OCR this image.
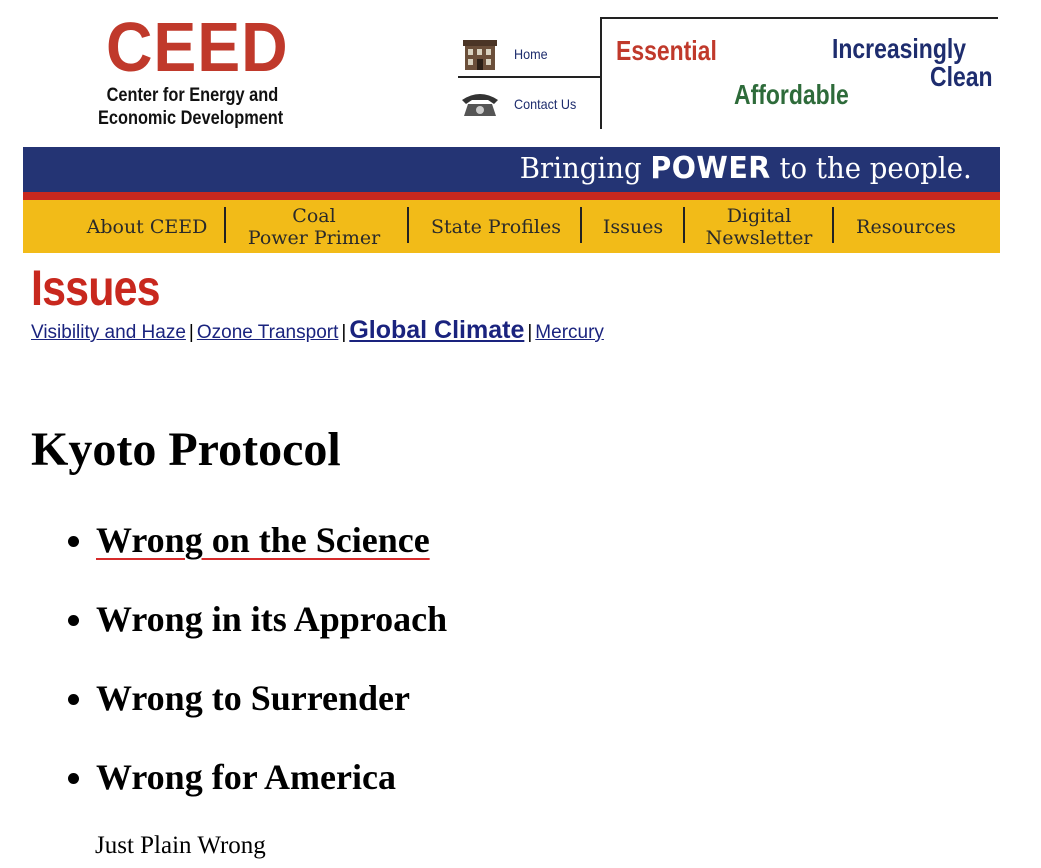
CEED
Center for Energy and
Economic Development
Home
Contact Us
Essential	Increasingly
Clean
Affordable
Bringing POWER to the people.
About CEED	Coal
Power Primer	State Profiles Issues	Digital
Newsletter Resources
Issues
Visibility and Haze | Ozone Transport | Global Climate | Mercury
Kyoto Protocol
• Wrong on the Science
• Wrong in its Approach
• Wrong to Surrender
• Wrong for America
Just Plain Wrong
